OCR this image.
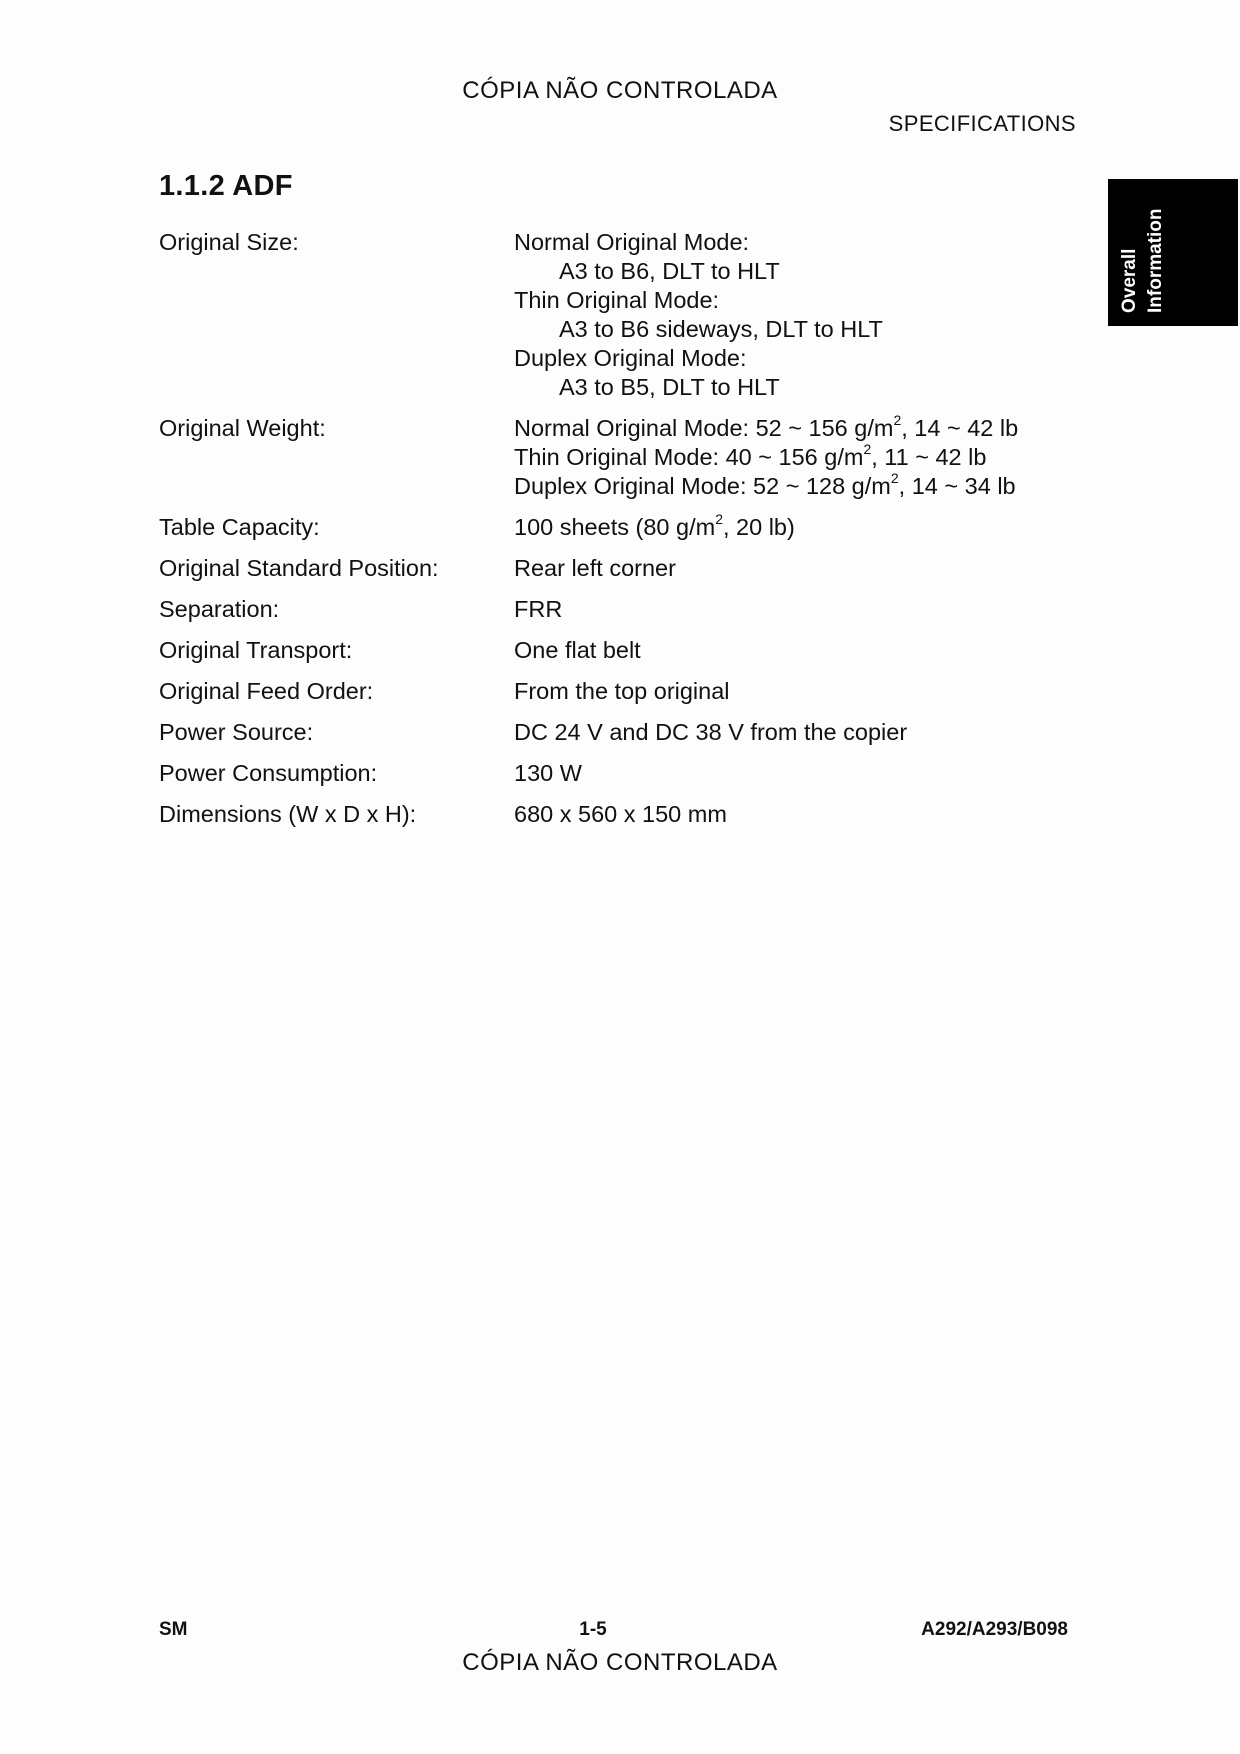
CÓPIA NÃO CONTROLADA
SPECIFICATIONS
Overall Information
1.1.2 ADF
Original Size:	Normal Original Mode:
A3 to B6, DLT to HLT
Thin Original Mode:
A3 to B6 sideways, DLT to HLT
Duplex Original Mode:
A3 to B5, DLT to HLT
Original Weight:	Normal Original Mode: 52 ~ 156 $g/m^2$, 14 ~ 42 lb
Thin Original Mode: 40 ~ 156 $g/m^2$, 11 ~ 42 lb
Duplex Original Mode: 52 ~ 128 $g/m^2$, 14 ~ 34 lb
Table Capacity:	100 sheets (80 $g/m^2$, 20 lb)
Original Standard Position:	Rear left corner
Separation:	FRR
Original Transport:	One flat belt
Original Feed Order:	From the top original
Power Source:	DC 24 V and DC 38 V from the copier
Power Consumption:	130 W
Dimensions (W x D x H):	680 x 560 x 150 mm
SM	1-5	A292/A293/B098
CÓPIA NÃO CONTROLADA
